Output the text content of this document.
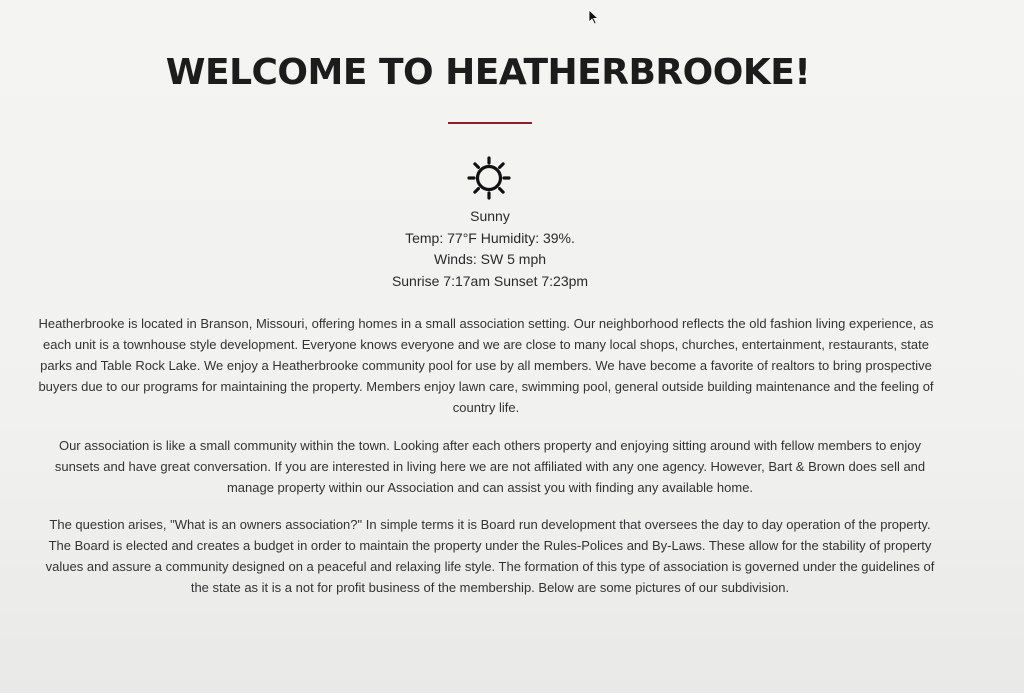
WELCOME TO HEATHERBROOKE!
Sunny
Temp: 77°F Humidity: 39%.
Winds: SW 5 mph
Sunrise 7:17am Sunset 7:23pm

Heatherbrooke is located in Branson, Missouri, offering homes in a small association setting. Our neighborhood reflects the old fashion living experience, as each unit is a townhouse style development. Everyone knows everyone and we are close to many local shops, churches, entertainment, restaurants, state parks and Table Rock Lake. We enjoy a Heatherbrooke community pool for use by all members. We have become a favorite of realtors to bring prospective buyers due to our programs for maintaining the property. Members enjoy lawn care, swimming pool, general outside building maintenance and the feeling of country life.

Our association is like a small community within the town. Looking after each others property and enjoying sitting around with fellow members to enjoy sunsets and have great conversation. If you are interested in living here we are not affiliated with any one agency. However, Bart & Brown does sell and manage property within our Association and can assist you with finding any available home.

The question arises, "What is an owners association?" In simple terms it is Board run development that oversees the day to day operation of the property. The Board is elected and creates a budget in order to maintain the property under the Rules-Polices and By-Laws. These allow for the stability of property values and assure a community designed on a peaceful and relaxing life style. The formation of this type of association is governed under the guidelines of the state as it is a not for profit business of the membership. Below are some pictures of our subdivision.
